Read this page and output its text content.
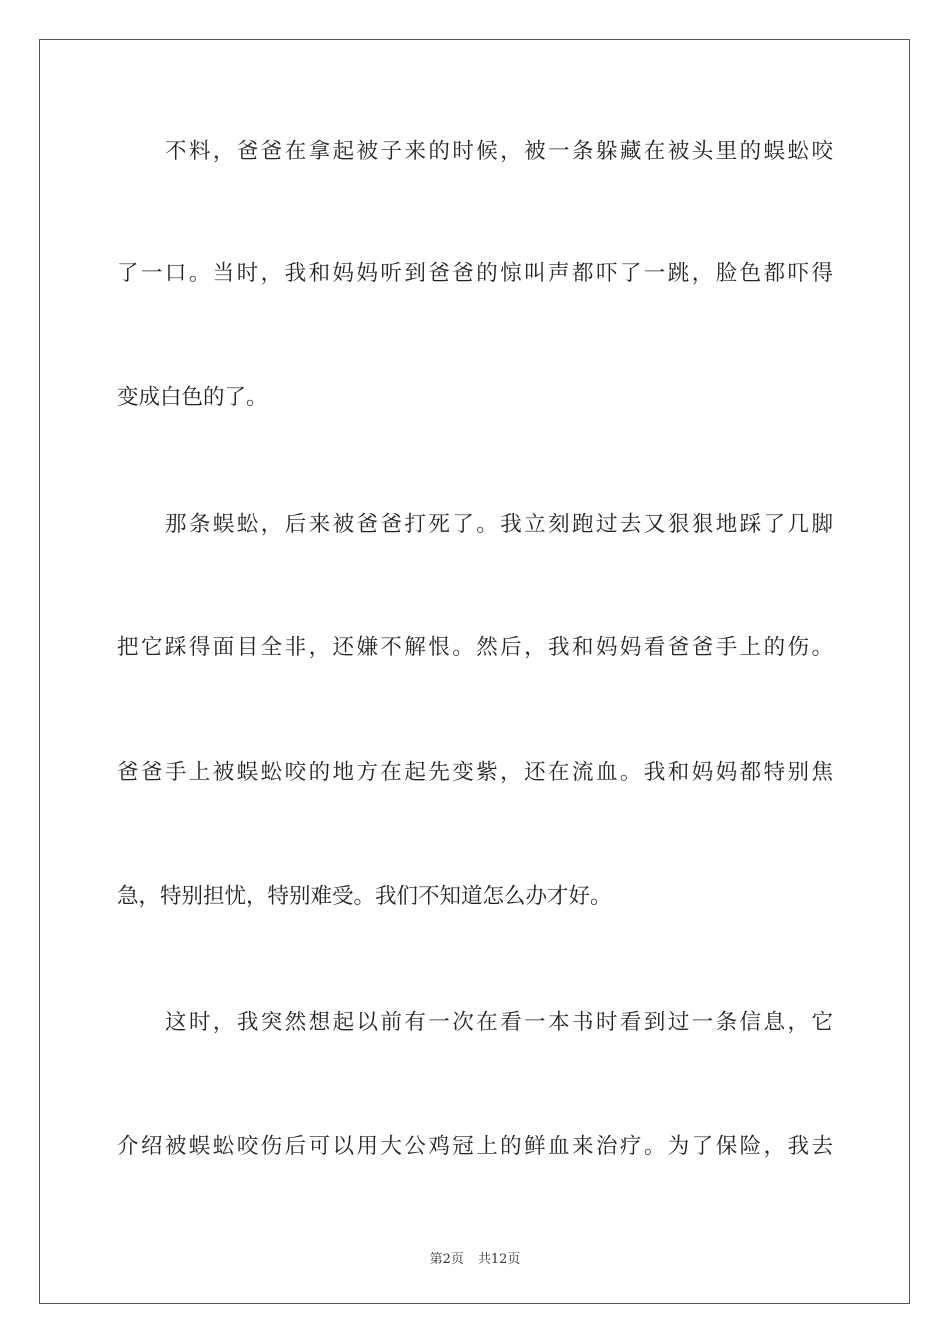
不料，爸爸在拿起被子来的时候，被一条躲藏在被头里的蜈蚣咬
了一口。当时，我和妈妈听到爸爸的惊叫声都吓了一跳，脸色都吓得
变成白色的了。
那条蜈蚣，后来被爸爸打死了。我立刻跑过去又狠狠地踩了几脚
把它踩得面目全非，还嫌不解恨。然后，我和妈妈看爸爸手上的伤。
爸爸手上被蜈蚣咬的地方在起先变紫，还在流血。我和妈妈都特别焦
急，特别担忧，特别难受。我们不知道怎么办才好。
这时，我突然想起以前有一次在看一本书时看到过一条信息，它
介绍被蜈蚣咬伤后可以用大公鸡冠上的鲜血来治疗。为了保险，我去
第2页 共12页
